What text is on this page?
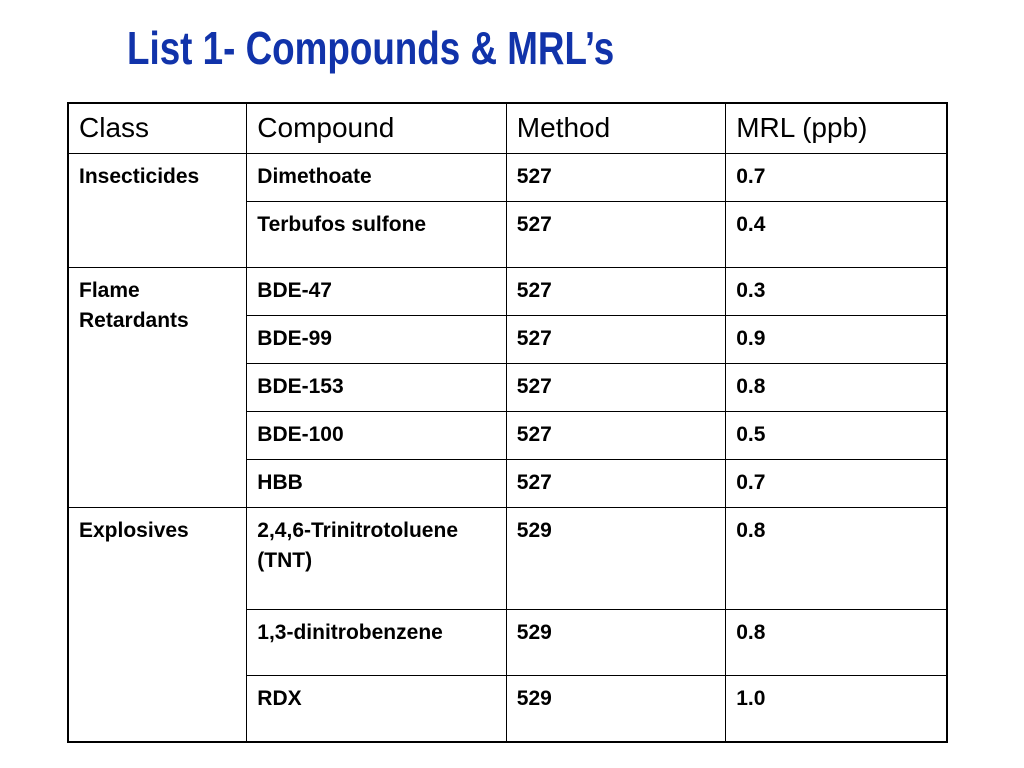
List 1- Compounds & MRL’s
Class	Compound	Method	MRL (ppb)
Insecticides	Dimethoate	527	0.7
	Terbufos sulfone	527	0.4
Flame Retardants	BDE-47	527	0.3
	BDE-99	527	0.9
	BDE-153	527	0.8
	BDE-100	527	0.5
	HBB	527	0.7
Explosives	2,4,6-Trinitrotoluene (TNT)	529	0.8
	1,3-dinitrobenzene	529	0.8
	RDX	529	1.0
